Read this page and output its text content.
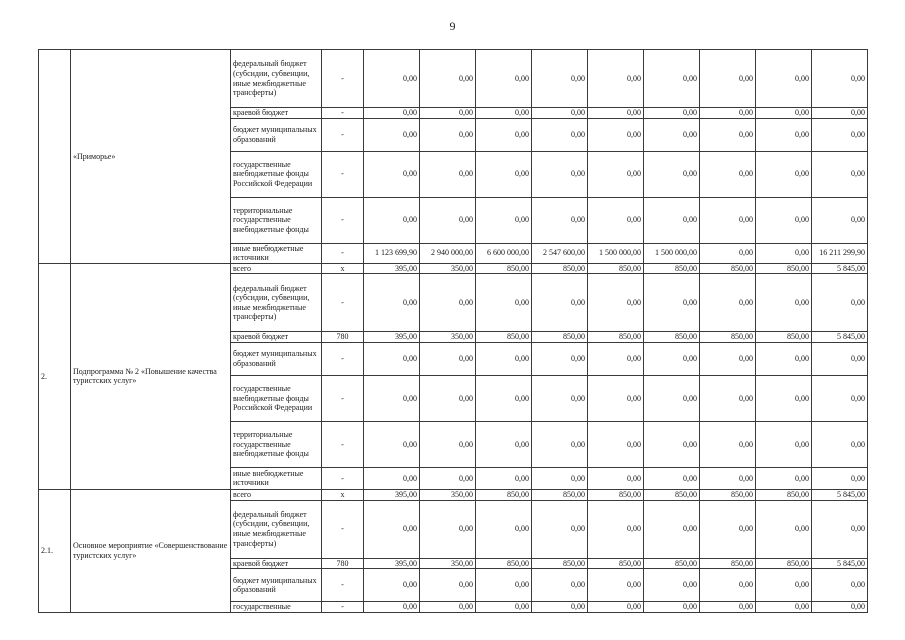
9
	«Приморье»	федеральный бюджет (субсидии, субвенции, иные межбюджетные трансферты)	-	0,00	0,00	0,00	0,00	0,00	0,00	0,00	0,00	0,00
		краевой бюджет	-	0,00	0,00	0,00	0,00	0,00	0,00	0,00	0,00	0,00
		бюджет муниципальных образований	-	0,00	0,00	0,00	0,00	0,00	0,00	0,00	0,00	0,00
		государственные внебюджетные фонды Российской Федерации	-	0,00	0,00	0,00	0,00	0,00	0,00	0,00	0,00	0,00
		территориальные государственные внебюджетные фонды	-	0,00	0,00	0,00	0,00	0,00	0,00	0,00	0,00	0,00
		иные внебюджетные источники	-	1 123 699,90	2 940 000,00	6 600 000,00	2 547 600,00	1 500 000,00	1 500 000,00	0,00	0,00	16 211 299,90
2.	Подпрограмма № 2 «Повышение качества туристских услуг»	всего	х	395,00	350,00	850,00	850,00	850,00	850,00	850,00	850,00	5 845,00
		федеральный бюджет (субсидии, субвенции, иные межбюджетные трансферты)	-	0,00	0,00	0,00	0,00	0,00	0,00	0,00	0,00	0,00
		краевой бюджет	780	395,00	350,00	850,00	850,00	850,00	850,00	850,00	850,00	5 845,00
		бюджет муниципальных образований	-	0,00	0,00	0,00	0,00	0,00	0,00	0,00	0,00	0,00
		государственные внебюджетные фонды Российской Федерации	-	0,00	0,00	0,00	0,00	0,00	0,00	0,00	0,00	0,00
		территориальные государственные внебюджетные фонды	-	0,00	0,00	0,00	0,00	0,00	0,00	0,00	0,00	0,00
		иные внебюджетные источники	-	0,00	0,00	0,00	0,00	0,00	0,00	0,00	0,00	0,00
2.1.	Основное мероприятие «Совершенствование туристских услуг»	всего	х	395,00	350,00	850,00	850,00	850,00	850,00	850,00	850,00	5 845,00
		федеральный бюджет (субсидии, субвенции, иные межбюджетные трансферты)	-	0,00	0,00	0,00	0,00	0,00	0,00	0,00	0,00	0,00
		краевой бюджет	780	395,00	350,00	850,00	850,00	850,00	850,00	850,00	850,00	5 845,00
		бюджет муниципальных образований	-	0,00	0,00	0,00	0,00	0,00	0,00	0,00	0,00	0,00
		государственные	-	0,00	0,00	0,00	0,00	0,00	0,00	0,00	0,00	0,00
